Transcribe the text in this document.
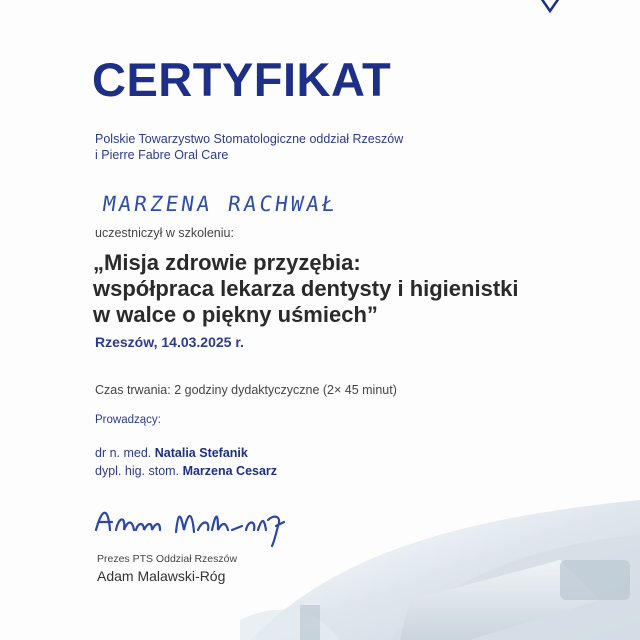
CERTYFIKAT
Polskie Towarzystwo Stomatologiczne oddział Rzeszów
i Pierre Fabre Oral Care
MARZENA RACHWAŁ
uczestniczył w szkoleniu:
„Misja zdrowie przyzębia:
współpraca lekarza dentysty i higienistki
w walce o piękny uśmiech”
Rzeszów, 14.03.2025 r.
Czas trwania: 2 godziny dydaktyczyczne (2× 45 minut)
Prowadzący:
dr n. med. Natalia Stefanik
dypl. hig. stom. Marzena Cesarz
Prezes PTS Oddział Rzeszów
Adam Malawski-Róg
